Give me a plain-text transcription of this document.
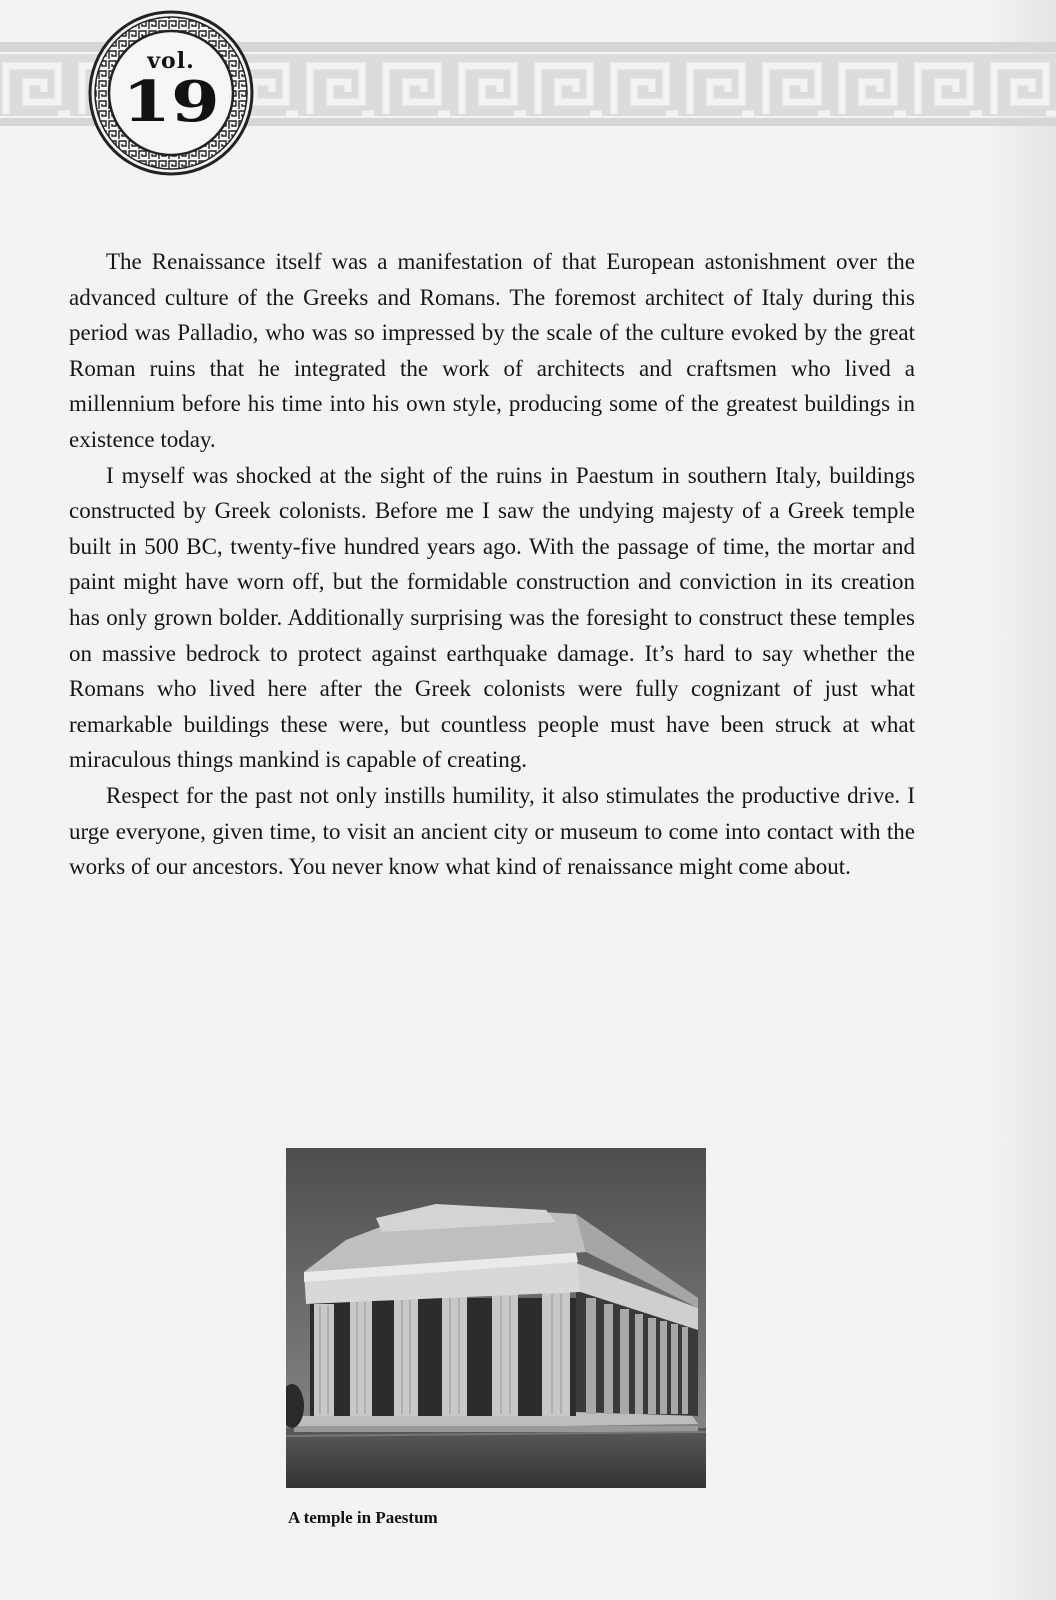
vol.
19

The Renaissance itself was a manifestation of that European astonishment over the advanced culture of the Greeks and Romans. The foremost architect of Italy during this period was Palladio, who was so impressed by the scale of the culture evoked by the great Roman ruins that he integrated the work of architects and craftsmen who lived a millennium before his time into his own style, producing some of the greatest buildings in existence today.

I myself was shocked at the sight of the ruins in Paestum in southern Italy, buildings constructed by Greek colonists. Before me I saw the undying majesty of a Greek temple built in 500 BC, twenty-five hundred years ago. With the passage of time, the mortar and paint might have worn off, but the formidable construction and conviction in its creation has only grown bolder. Additionally surprising was the foresight to construct these temples on massive bedrock to protect against earthquake damage. It’s hard to say whether the Romans who lived here after the Greek colonists were fully cognizant of just what remarkable buildings these were, but countless people must have been struck at what miraculous things mankind is capable of creating.

Respect for the past not only instills humility, it also stimulates the productive drive. I urge everyone, given time, to visit an ancient city or museum to come into contact with the works of our ancestors. You never know what kind of renaissance might come about.

A temple in Paestum
